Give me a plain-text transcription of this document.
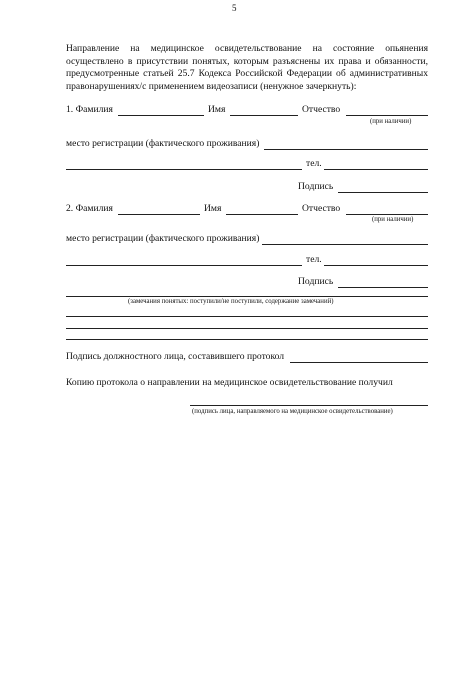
5
Направление на медицинское освидетельствование на состояние опьянения
осуществлено в присутствии понятых, которым разъяснены их права и обязанности,
предусмотренные статьей 25.7 Кодекса Российской Федерации об административных
правонарушениях/с применением видеозаписи (ненужное зачеркнуть):
1. Фамилия	Имя	Отчество
(при наличии)
место регистрации (фактического проживания)
тел.
Подпись
2. Фамилия	Имя	Отчество
(при наличии)
место регистрации (фактического проживания)
тел.
Подпись
(замечания понятых: поступили/не поступили, содержание замечаний)
Подпись должностного лица, составившего протокол
Копию протокола о направлении на медицинское освидетельствование получил
(подпись лица, направляемого на медицинское освидетельствование)
